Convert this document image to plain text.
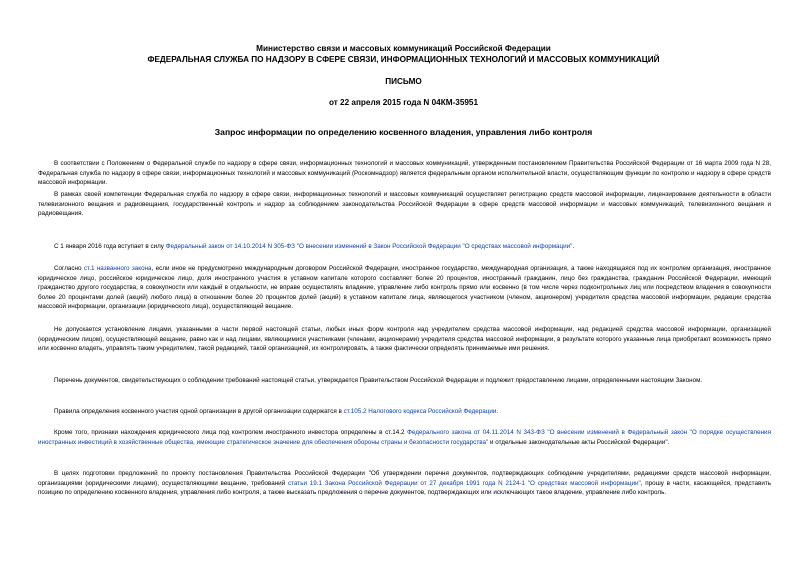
Министерство связи и массовых коммуникаций Российской Федерации
ФЕДЕРАЛЬНАЯ СЛУЖБА ПО НАДЗОРУ В СФЕРЕ СВЯЗИ, ИНФОРМАЦИОННЫХ ТЕХНОЛОГИЙ И МАССОВЫХ КОММУНИКАЦИЙ
ПИСЬМО
от 22 апреля 2015 года N 04КМ-35951
Запрос информации по определению косвенного владения, управления либо контроля
В соответствии с Положением о Федеральной службе по надзору в сфере связи, информационных технологий и массовых коммуникаций, утвержденным постановлением Правительства Российской Федерации от 16 марта 2009 года N 28, Федеральная служба по надзору в сфере связи, информационных технологий и массовых коммуникаций (Роскомнадзор) является федеральным органом исполнительной власти, осуществляющим функции по контролю и надзору в сфере средств массовой информации.
В рамках своей компетенции Федеральная служба по надзору в сфере связи, информационных технологий и массовых коммуникаций осуществляет регистрацию средств массовой информации, лицензирование деятельности в области телевизионного вещания и радиовещания, государственный контроль и надзор за соблюдением законодательства Российской Федерации в сфере средств массовой информации и массовых коммуникаций, телевизионного вещания и радиовещания.
С 1 января 2016 года вступает в силу Федеральный закон от 14.10.2014 N 305-ФЗ "О внесении изменений в Закон Российской Федерации "О средствах массовой информации".
Согласно ст.1 названного закона, если иное не предусмотрено международным договором Российской Федерации, иностранное государство, международная организация, а также находящаяся под их контролем организация, иностранное юридическое лицо, российское юридическое лицо, доля иностранного участия в уставном капитале которого составляет более 20 процентов, иностранный гражданин, лицо без гражданства, гражданин Российской Федерации, имеющий гражданство другого государства, в совокупности или каждый в отдельности, не вправе осуществлять владение, управление либо контроль прямо или косвенно (в том числе через подконтрольных лиц или посредством владения в совокупности более 20 процентами долей (акций) любого лица) в отношении более 20 процентов долей (акций) в уставном капитале лица, являющегося участником (членом, акционером) учредителя средства массовой информации, редакции средства массовой информации, организации (юридического лица), осуществляющей вещание.
Не допускается установление лицами, указанными в части первой настоящей статьи, любых иных форм контроля над учредителем средства массовой информации, над редакцией средства массовой информации, организацией (юридическим лицом), осуществляющей вещание, равно как и над лицами, являющимися участниками (членами, акционерами) учредителя средства массовой информации, в результате которого указанные лица приобретают возможность прямо или косвенно владеть, управлять таким учредителем, такой редакцией, такой организацией, их контролировать, а также фактически определять принимаемые ими решения.
Перечень документов, свидетельствующих о соблюдении требований настоящей статьи, утверждается Правительством Российской Федерации и подлежит предоставлению лицами, определенными настоящим Законом.
Правила определения косвенного участия одной организации в другой организации содержатся в ст.105.2 Налогового кодекса Российской Федерации.
Кроме того, признаки нахождения юридического лица под контролем иностранного инвестора определены в ст.14.2 Федерального закона от 04.11.2014 N 343-ФЗ "О внесении изменений в Федеральный закон "О порядке осуществления иностранных инвестиций в хозяйственные общества, имеющие стратегическое значение для обеспечения обороны страны и безопасности государства" и отдельные законодательные акты Российской Федерации".
В целях подготовки предложений по проекту постановления Правительства Российской Федерации "Об утверждении перечня документов, подтверждающих соблюдение учредителями, редакциями средств массовой информации, организациями (юридическими лицами), осуществляющими вещание, требований статьи 19.1 Закона Российской Федерации от 27 декабря 1991 года N 2124-1 "О средствах массовой информации", прошу в части, касающейся, представить позицию по определению косвенного владения, управления либо контроля, а также высказать предложения о перечне документов, подтверждающих или исключающих такое владение, управление либо контроль.
